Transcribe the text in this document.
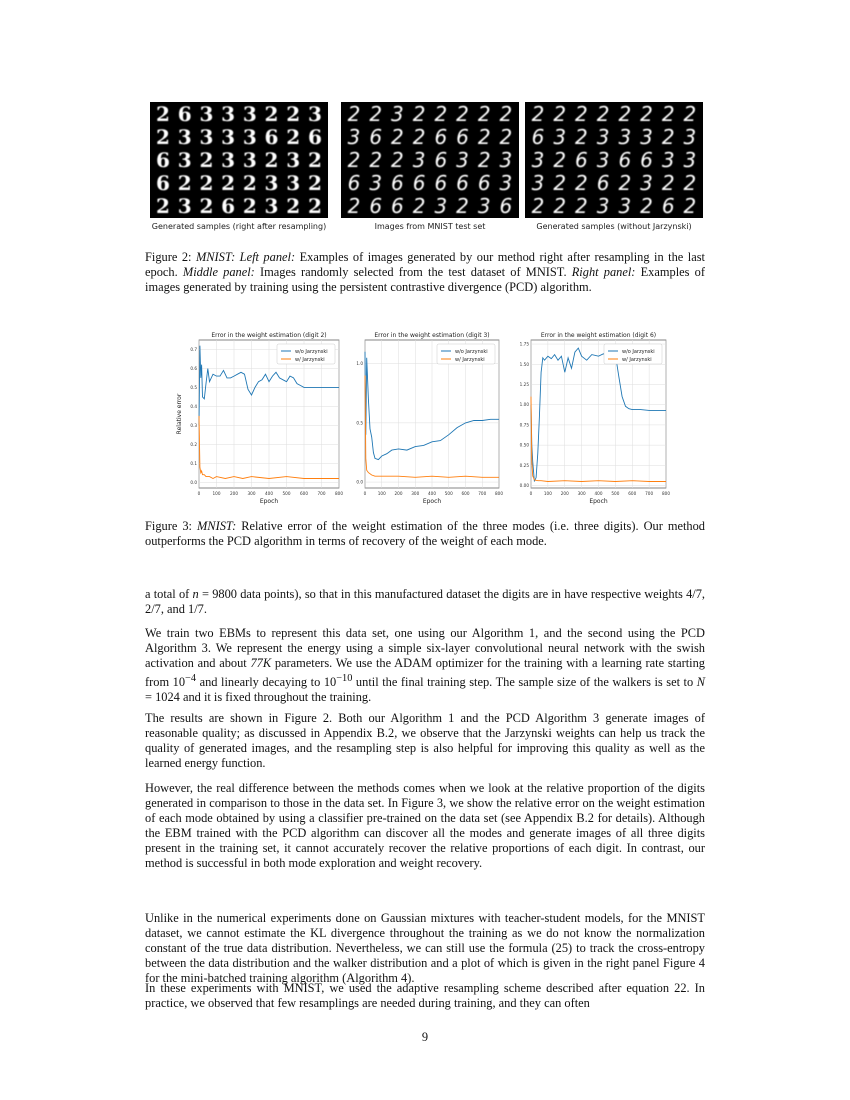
2 6 3 3 3 2 2 3
2 3 3 3 3 6 2 6
6 3 2 3 3 2 3 2
6 2 2 2 2 3 3 2
2 3 2 6 2 3 2 2
2 2 3 2 2 2 2 2
3 6 2 2 6 6 2 2
2 2 2 3 6 3 2 3
6 3 6 6 6 6 6 3
2 6 6 2 3 2 3 6
2 2 2 2 2 2 2 2
6 3 2 3 3 3 2 3
3 2 6 3 6 6 3 3
3 2 2 6 2 3 2 2
2 2 2 3 3 2 6 2
Generated samples (right after resampling)	Images from MNIST test set	Generated samples (without Jarzynski)
Figure 2: MNIST: Left panel: Examples of images generated by our method right after resampling in the last epoch. Middle panel: Images randomly selected from the test dataset of MNIST. Right panel: Examples of images generated by training using the persistent contrastive divergence (PCD) algorithm.
0	100 200 300 400 500 600 700 800
0.0
0.1
0.2
0.3
0.4
0.5
0.6
0.7
Error in the weight estimation (digit 2)
Epoch
Relative error
w/o Jarzynski
w/ Jarzynski
0	100 200 300 400 500 600 700 800
0.0
0.5
1.0
Error in the weight estimation (digit 3)
Epoch
w/o Jarzynski
w/ Jarzynski
0	100 200 300 400 500 600 700 800
0.00
0.25
0.50
0.75
1.00
1.25
1.50
1.75
Error in the weight estimation (digit 6)
Epoch
w/o Jarzynski
w/ Jarzynski
Figure 3: MNIST: Relative error of the weight estimation of the three modes (i.e. three digits). Our method outperforms the PCD algorithm in terms of recovery of the weight of each mode.

a total of n = 9800 data points), so that in this manufactured dataset the digits are in have respective weights 4/7, 2/7, and 1/7.

We train two EBMs to represent this data set, one using our Algorithm 1, and the second using the PCD Algorithm 3. We represent the energy using a simple six-layer convolutional neural network with the swish activation and about 77K parameters. We use the ADAM optimizer for the training with a learning rate starting from $10^{-4}$ and linearly decaying to $10^{-10}$ until the final training step. The sample size of the walkers is set to N = 1024 and it is fixed throughout the training.

The results are shown in Figure 2. Both our Algorithm 1 and the PCD Algorithm 3 generate images of reasonable quality; as discussed in Appendix B.2, we observe that the Jarzynski weights can help us track the quality of generated images, and the resampling step is also helpful for improving this quality as well as the learned energy function.

However, the real difference between the methods comes when we look at the relative proportion of the digits generated in comparison to those in the data set. In Figure 3, we show the relative error on the weight estimation of each mode obtained by using a classifier pre-trained on the data set (see Appendix B.2 for details). Although the EBM trained with the PCD algorithm can discover all the modes and generate images of all three digits present in the training set, it cannot accurately recover the relative proportions of each digit. In contrast, our method is successful in both mode exploration and weight recovery.

Unlike in the numerical experiments done on Gaussian mixtures with teacher-student models, for the MNIST dataset, we cannot estimate the KL divergence throughout the training as we do not know the normalization constant of the true data distribution. Nevertheless, we can still use the formula (25) to track the cross-entropy between the data distribution and the walker distribution and a plot of which is given in the right panel Figure 4 for the mini-batched training algorithm (Algorithm 4).

In these experiments with MNIST, we used the adaptive resampling scheme described after equation 22. In practice, we observed that few resamplings are needed during training, and they can often

9
